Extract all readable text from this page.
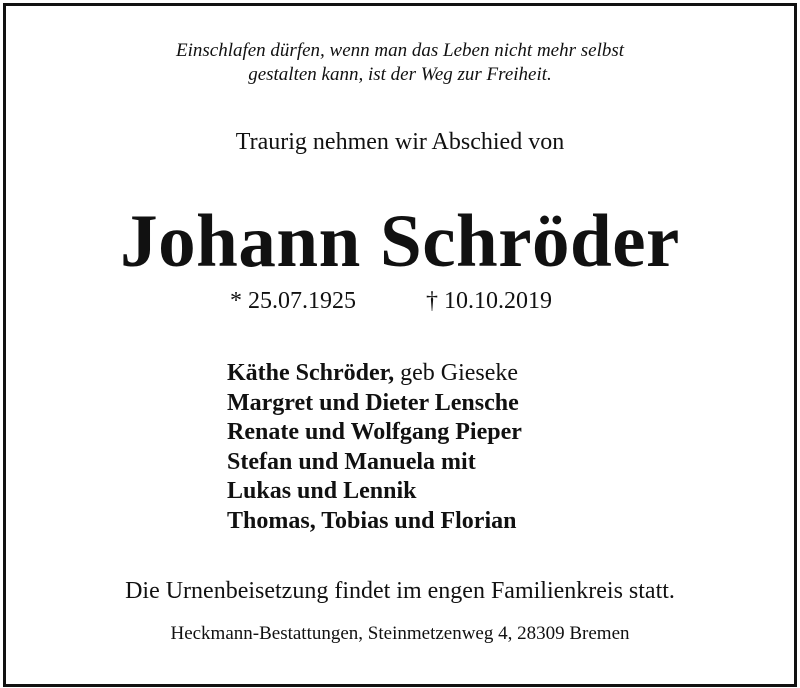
Einschlafen dürfen, wenn man das Leben nicht mehr selbst
gestalten kann, ist der Weg zur Freiheit.
Traurig nehmen wir Abschied von
Johann Schröder
* 25.07.1925	† 10.10.2019
Käthe Schröder, geb Gieseke
Margret und Dieter Lensche
Renate und Wolfgang Pieper
Stefan und Manuela mit
Lukas und Lennik
Thomas, Tobias und Florian
Die Urnenbeisetzung findet im engen Familienkreis statt.
Heckmann-Bestattungen, Steinmetzenweg 4, 28309 Bremen
